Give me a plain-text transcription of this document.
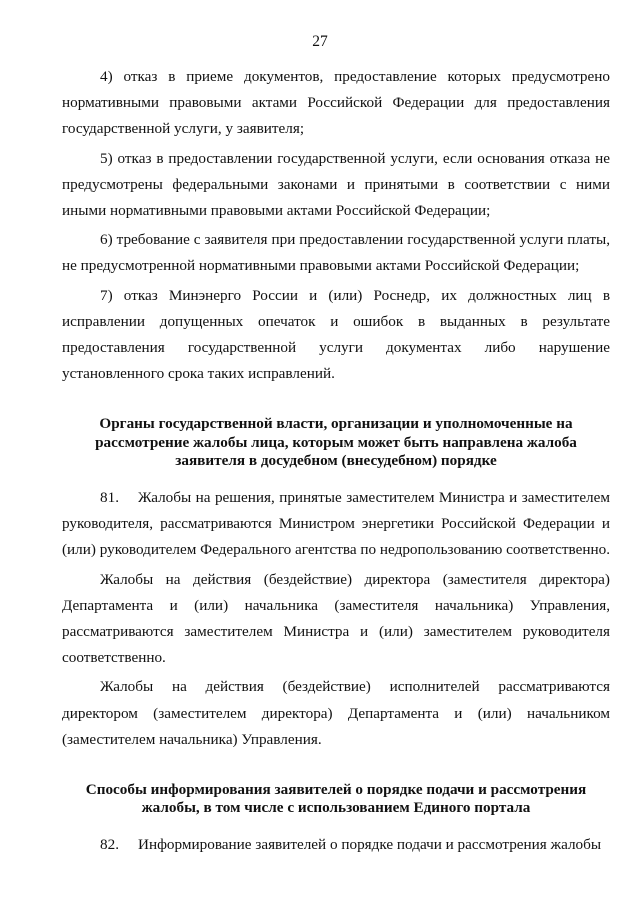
27

4) отказ в приеме документов, предоставление которых предусмотрено нормативными правовыми актами Российской Федерации для предоставления государственной услуги, у заявителя;

5) отказ в предоставлении государственной услуги, если основания отказа не предусмотрены федеральными законами и принятыми в соответствии с ними иными нормативными правовыми актами Российской Федерации;

6) требование с заявителя при предоставлении государственной услуги платы, не предусмотренной нормативными правовыми актами Российской Федерации;

7) отказ Минэнерго России и (или) Роснедр, их должностных лиц в исправлении допущенных опечаток и ошибок в выданных в результате предоставления государственной услуги документах либо нарушение установленного срока таких исправлений.

Органы государственной власти, организации и уполномоченные на
рассмотрение жалобы лица, которым может быть направлена жалоба
заявителя в досудебном (внесудебном) порядке

81. Жалобы на решения, принятые заместителем Министра и заместителем руководителя, рассматриваются Министром энергетики Российской Федерации и (или) руководителем Федерального агентства по недропользованию соответственно.

Жалобы на действия (бездействие) директора (заместителя директора) Департамента и (или) начальника (заместителя начальника) Управления, рассматриваются заместителем Министра и (или) заместителем руководителя соответственно.

Жалобы на действия (бездействие) исполнителей рассматриваются директором (заместителем директора) Департамента и (или) начальником (заместителем начальника) Управления.

Способы информирования заявителей о порядке подачи и рассмотрения
жалобы, в том числе с использованием Единого портала

82. Информирование заявителей о порядке подачи и рассмотрения жалобы
